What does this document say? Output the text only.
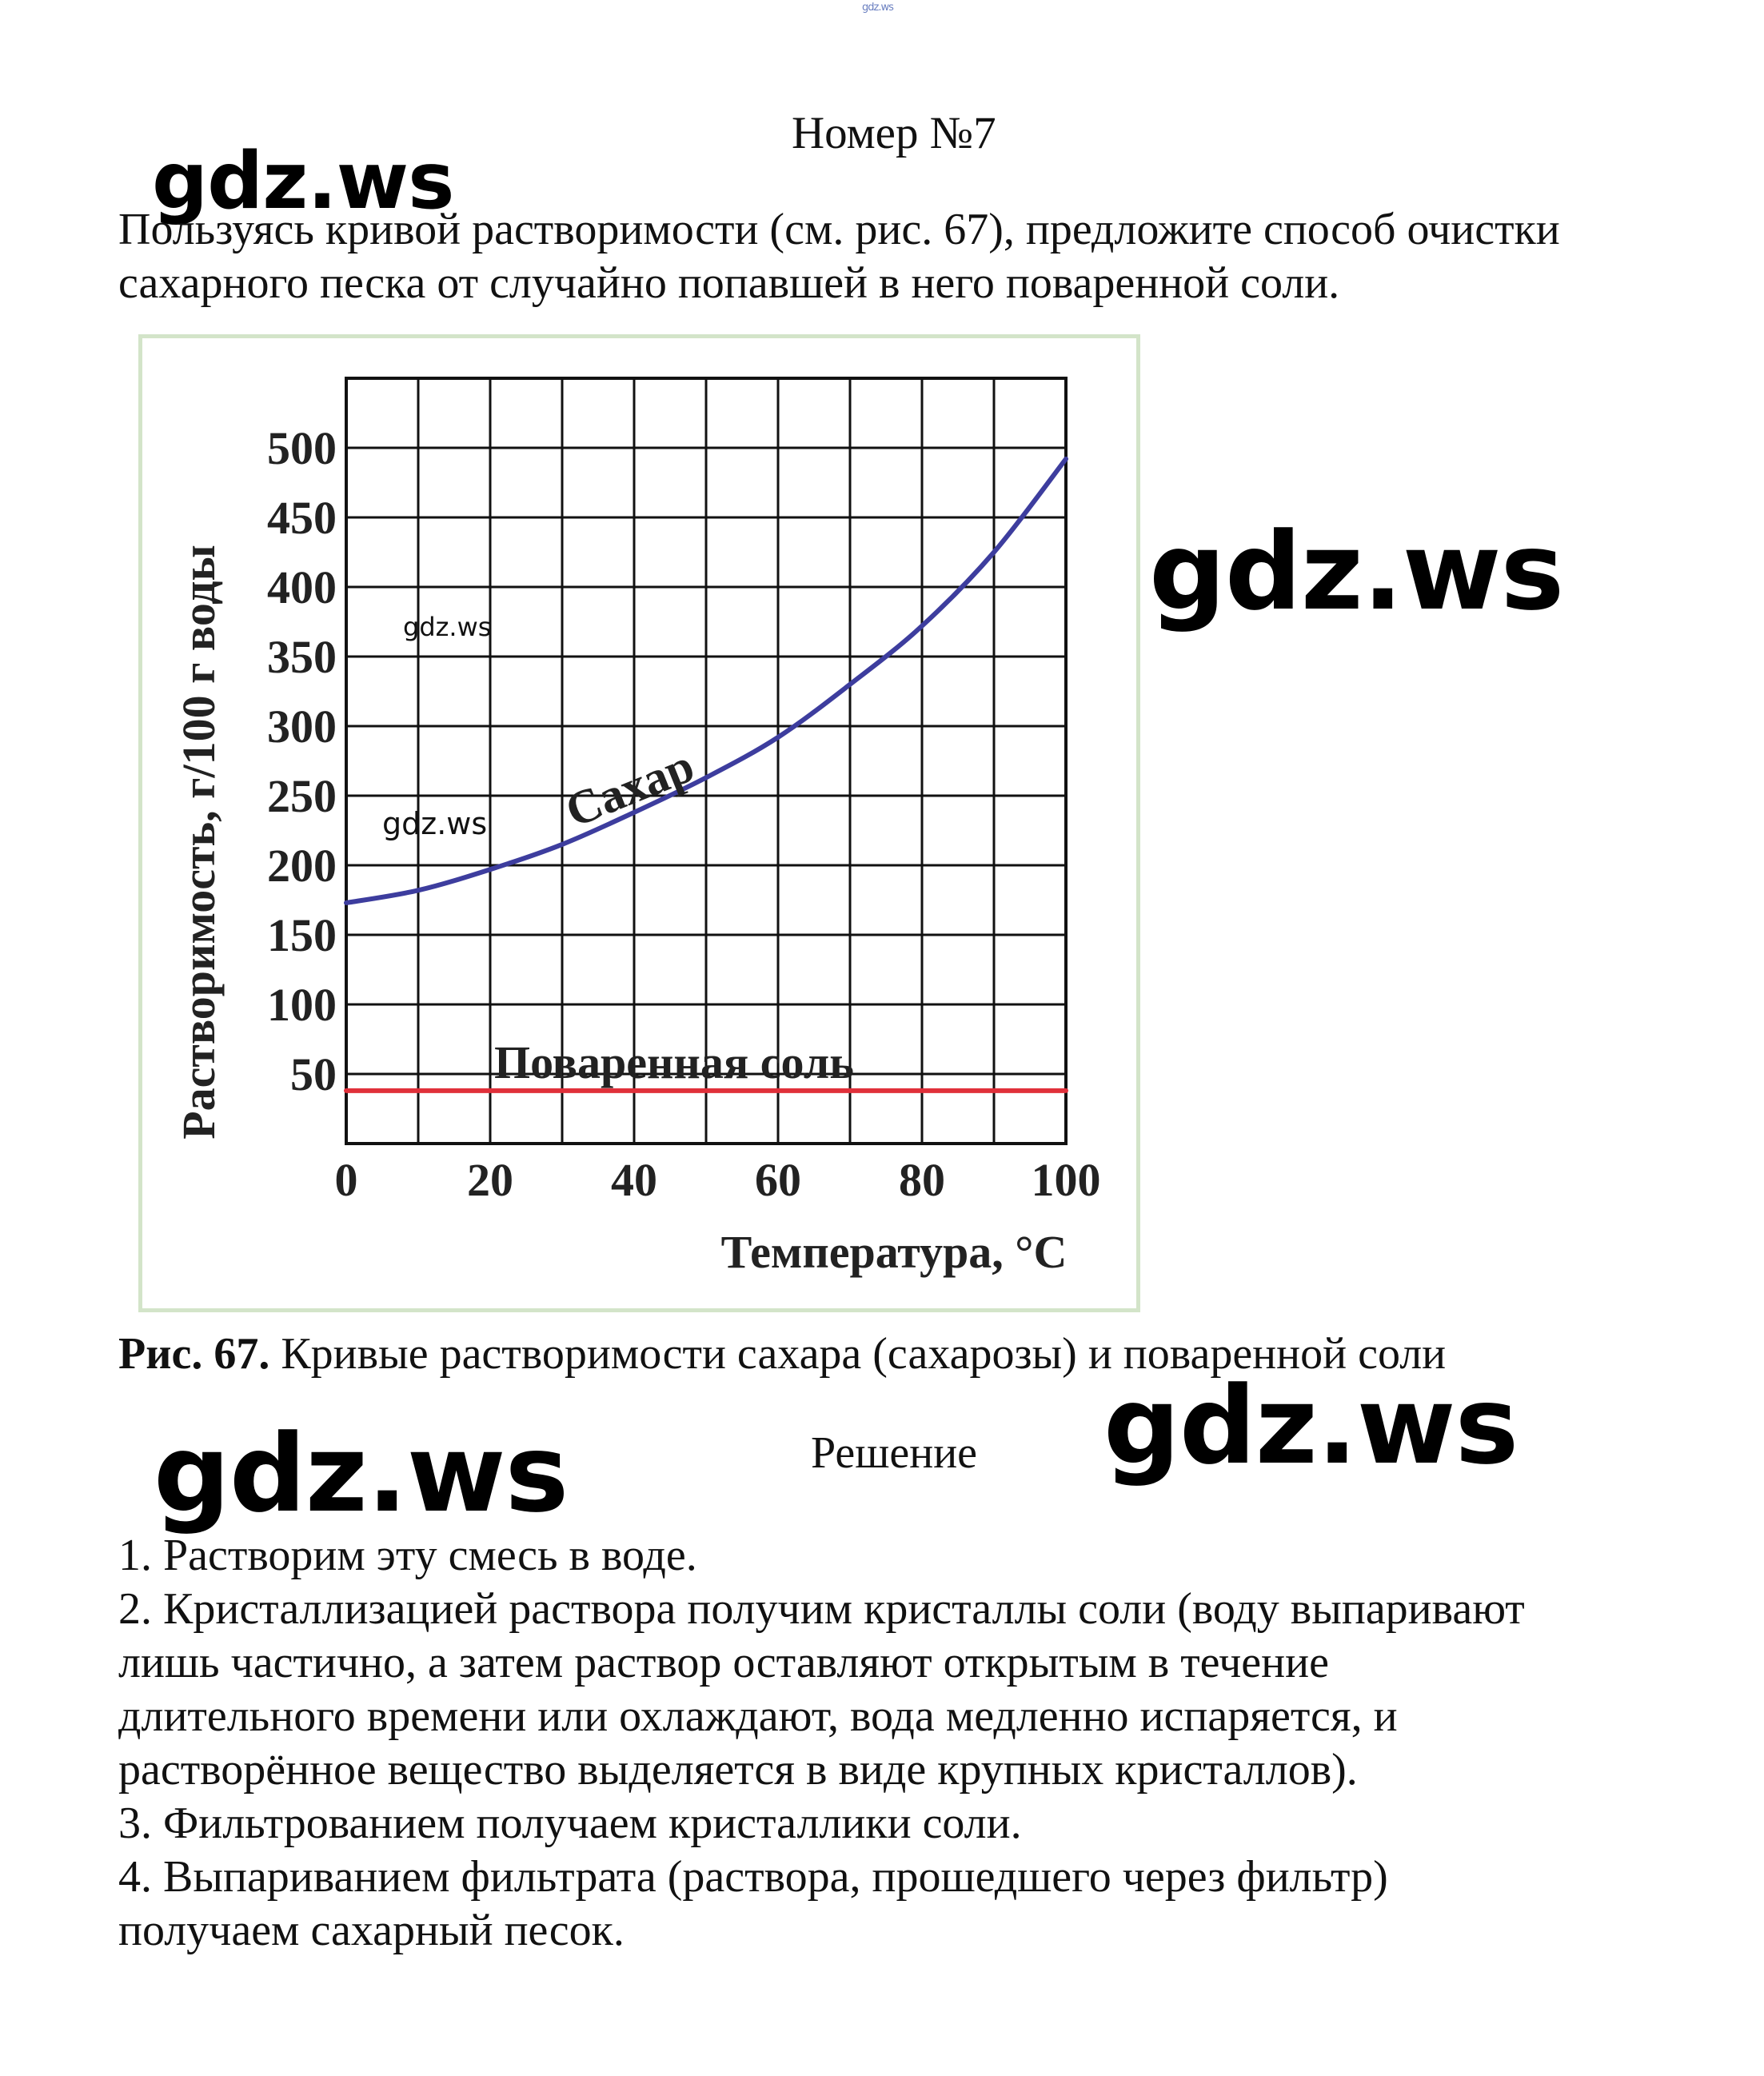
gdz.ws
Номер №7
gdz.ws
Пользуясь кривой растворимости (см. рис. 67), предложите способ очистки
сахарного песка от случайно попавшей в него поваренной соли.
50
100
150
200
250
300
350
400
450
500
0 20 40 60 80 100
Растворимость, г/100 г воды
Температура, °C
Сахар
Поваренная соль
gdz.ws
gdz.ws
gdz.ws
Рис. 67. Кривые растворимости сахара (сахарозы) и поваренной соли
gdz.ws	gdz.ws
Решение
1. Растворим эту смесь в воде.
2. Кристаллизацией раствора получим кристаллы соли (воду выпаривают
лишь частично, а затем раствор оставляют открытым в течение
длительного времени или охлаждают, вода медленно испаряется, и
растворённое вещество выделяется в виде крупных кристаллов).
3. Фильтрованием получаем кристаллики соли.
4. Выпариванием фильтрата (раствора, прошедшего через фильтр)
получаем сахарный песок.
